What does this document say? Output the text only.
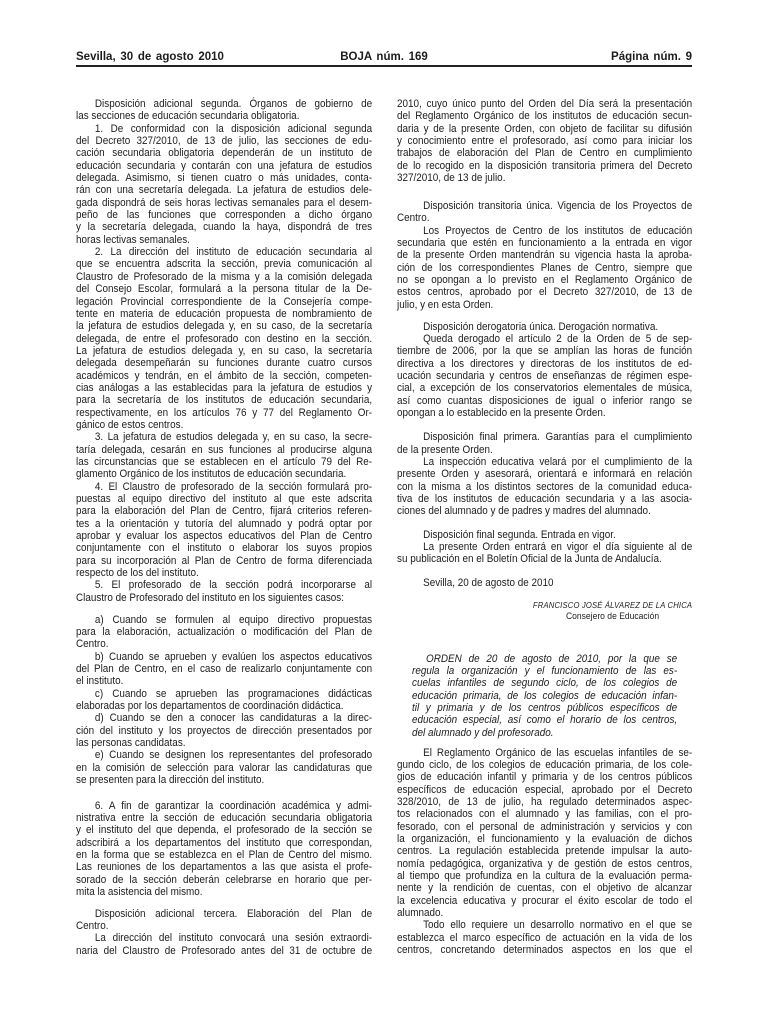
Sevilla, 30 de agosto 2010	BOJA núm. 169	Página núm. 9
Disposición adicional segunda. Órganos de gobierno de
las secciones de educación secundaria obligatoria.
1. De conformidad con la disposición adicional segunda
del Decreto 327/2010, de 13 de julio, las secciones de edu-
cación secundaria obligatoria dependerán de un instituto de
educación secundaria y contarán con una jefatura de estudios
delegada. Asimismo, si tienen cuatro o más unidades, conta-
rán con una secretaría delegada. La jefatura de estudios dele-
gada dispondrá de seis horas lectivas semanales para el desem-
peño de las funciones que corresponden a dicho órgano
y la secretaría delegada, cuando la haya, dispondrá de tres
horas lectivas semanales.
2. La dirección del instituto de educación secundaria al
que se encuentra adscrita la sección, previa comunicación al
Claustro de Profesorado de la misma y a la comisión delegada
del Consejo Escolar, formulará a la persona titular de la De-
legación Provincial correspondiente de la Consejería compe-
tente en materia de educación propuesta de nombramiento de
la jefatura de estudios delegada y, en su caso, de la secretaría
delegada, de entre el profesorado con destino en la sección.
La jefatura de estudios delegada y, en su caso, la secretaría
delegada desempeñarán su funciones durante cuatro cursos
académicos y tendrán, en el ámbito de la sección, competen-
cias análogas a las establecidas para la jefatura de estudios y
para la secretaría de los institutos de educación secundaria,
respectivamente, en los artículos 76 y 77 del Reglamento Or-
gánico de estos centros.
3. La jefatura de estudios delegada y, en su caso, la secre-
taría delegada, cesarán en sus funciones al producirse alguna
las circunstancias que se establecen en el artículo 79 del Re-
glamento Orgánico de los institutos de educación secundaria.
4. El Claustro de profesorado de la sección formulará pro-
puestas al equipo directivo del instituto al que este adscrita
para la elaboración del Plan de Centro, fijará criterios referen-
tes a la orientación y tutoría del alumnado y podrá optar por
aprobar y evaluar los aspectos educativos del Plan de Centro
conjuntamente con el instituto o elaborar los suyos propios
para su incorporación al Plan de Centro de forma diferenciada
respecto de los del instituto.
5. El profesorado de la sección podrá incorporarse al
Claustro de Profesorado del instituto en los siguientes casos:
a) Cuando se formulen al equipo directivo propuestas
para la elaboración, actualización o modificación del Plan de
Centro.
b) Cuando se aprueben y evalúen los aspectos educativos
del Plan de Centro, en el caso de realizarlo conjuntamente con
el instituto.
c) Cuando se aprueben las programaciones didácticas
elaboradas por los departamentos de coordinación didáctica.
d) Cuando se den a conocer las candidaturas a la direc-
ción del instituto y los proyectos de dirección presentados por
las personas candidatas.
e) Cuando se designen los representantes del profesorado
en la comisión de selección para valorar las candidaturas que
se presenten para la dirección del instituto.
6. A fin de garantizar la coordinación académica y admi-
nistrativa entre la sección de educación secundaria obligatoria
y el instituto del que dependa, el profesorado de la sección se
adscribirá a los departamentos del instituto que correspondan,
en la forma que se establezca en el Plan de Centro del mismo.
Las reuniones de los departamentos a las que asista el profe-
sorado de la sección deberán celebrarse en horario que per-
mita la asistencia del mismo.
Disposición adicional tercera. Elaboración del Plan de
Centro.
La dirección del instituto convocará una sesión extraordi-
naria del Claustro de Profesorado antes del 31 de octubre de
2010, cuyo único punto del Orden del Día será la presentación
del Reglamento Orgánico de los institutos de educación secun-
daria y de la presente Orden, con objeto de facilitar su difusión
y conocimiento entre el profesorado, así como para iniciar los
trabajos de elaboración del Plan de Centro en cumplimiento
de lo recogido en la disposición transitoria primera del Decreto
327/2010, de 13 de julio.
Disposición transitoria única. Vigencia de los Proyectos de
Centro.
Los Proyectos de Centro de los institutos de educación
secundaria que estén en funcionamiento a la entrada en vigor
de la presente Orden mantendrán su vigencia hasta la aproba-
ción de los correspondientes Planes de Centro, siempre que
no se opongan a lo previsto en el Reglamento Orgánico de
estos centros, aprobado por el Decreto 327/2010, de 13 de
julio, y en esta Orden.
Disposición derogatoria única. Derogación normativa.
Queda derogado el artículo 2 de la Orden de 5 de sep-
tiembre de 2006, por la que se amplían las horas de función
directiva a los directores y directoras de los institutos de ed-
ucación secundaria y centros de enseñanzas de régimen espe-
cial, a excepción de los conservatorios elementales de música,
así como cuantas disposiciones de igual o inferior rango se
opongan a lo establecido en la presente Orden.
Disposición final primera. Garantías para el cumplimiento
de la presente Orden.
La inspección educativa velará por el cumplimiento de la
presente Orden y asesorará, orientará e informará en relación
con la misma a los distintos sectores de la comunidad educa-
tiva de los institutos de educación secundaria y a las asocia-
ciones del alumnado y de padres y madres del alumnado.
Disposición final segunda. Entrada en vigor.
La presente Orden entrará en vigor el día siguiente al de
su publicación en el Boletín Oficial de la Junta de Andalucía.
Sevilla, 20 de agosto de 2010
FRANCISCO JOSÉ ÁLVAREZ DE LA CHICA
Consejero de Educación
ORDEN de 20 de agosto de 2010, por la que se
regula la organización y el funcionamiento de las es-
cuelas infantiles de segundo ciclo, de los colegios de
educación primaria, de los colegios de educación infan-
til y primaria y de los centros públicos específicos de
educación especial, así como el horario de los centros,
del alumnado y del profesorado.
El Reglamento Orgánico de las escuelas infantiles de se-
gundo ciclo, de los colegios de educación primaria, de los cole-
gios de educación infantil y primaria y de los centros públicos
específicos de educación especial, aprobado por el Decreto
328/2010, de 13 de julio, ha regulado determinados aspec-
tos relacionados con el alumnado y las familias, con el pro-
fesorado, con el personal de administración y servicios y con
la organización, el funcionamiento y la evaluación de dichos
centros. La regulación establecida pretende impulsar la auto-
nomía pedagógica, organizativa y de gestión de estos centros,
al tiempo que profundiza en la cultura de la evaluación perma-
nente y la rendición de cuentas, con el objetivo de alcanzar
la excelencia educativa y procurar el éxito escolar de todo el
alumnado.
Todo ello requiere un desarrollo normativo en el que se
establezca el marco específico de actuación en la vida de los
centros, concretando determinados aspectos en los que el
